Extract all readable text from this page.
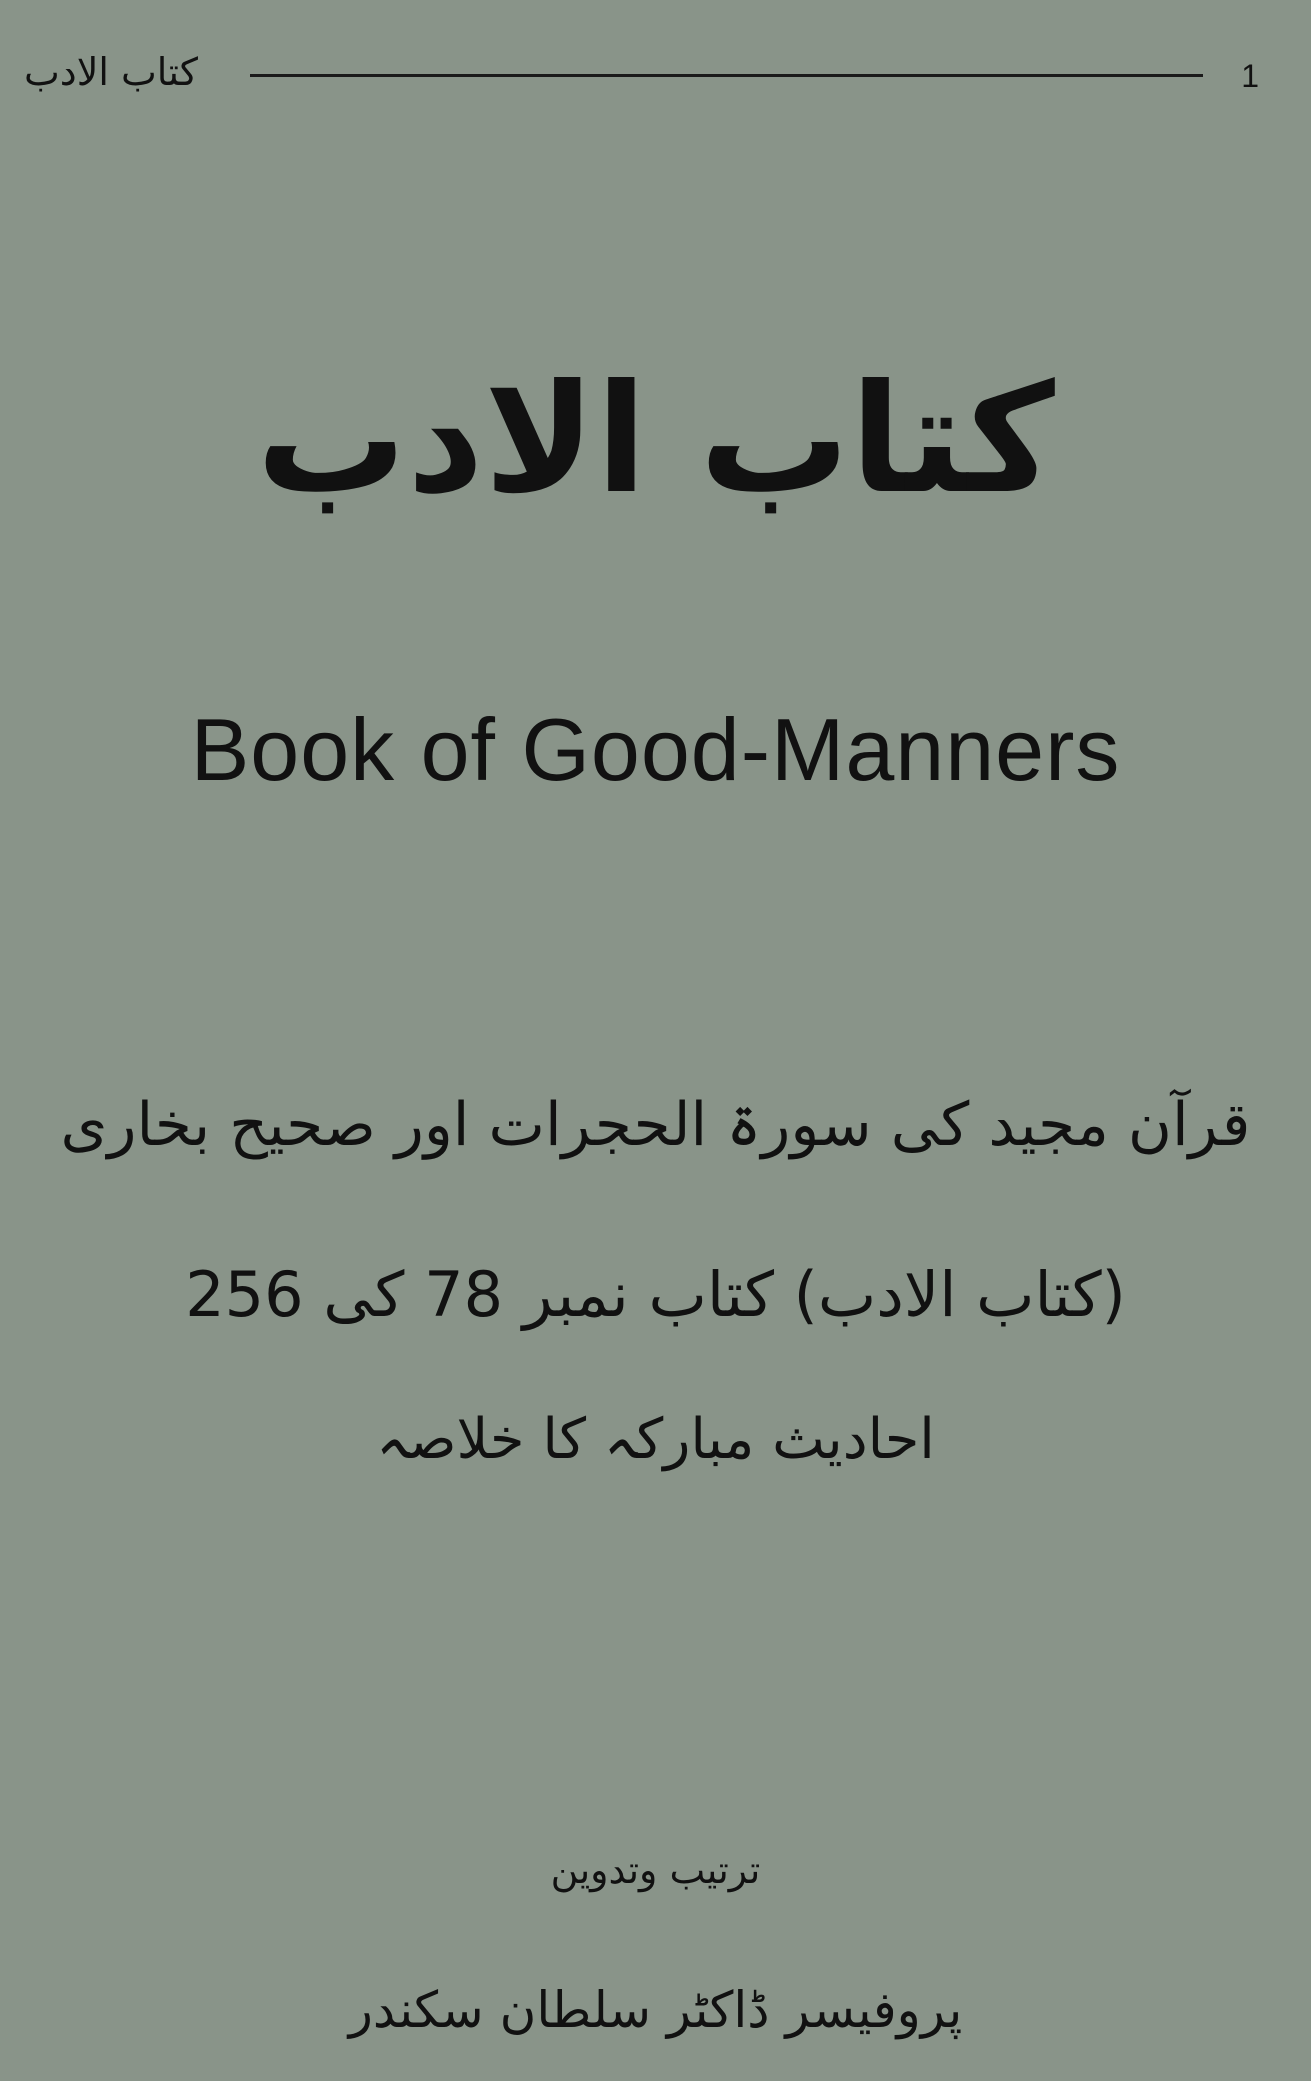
کتاب الادب	1
کتاب الادب
Book of Good-Manners
قرآن مجید کی سورۃ الحجرات اور صحیح بخاری
(کتاب الادب) کتاب نمبر 78 کی 256
احادیث مبارکہ کا خلاصہ
ترتیب وتدوین
پروفیسر ڈاکٹر سلطان سکندر
